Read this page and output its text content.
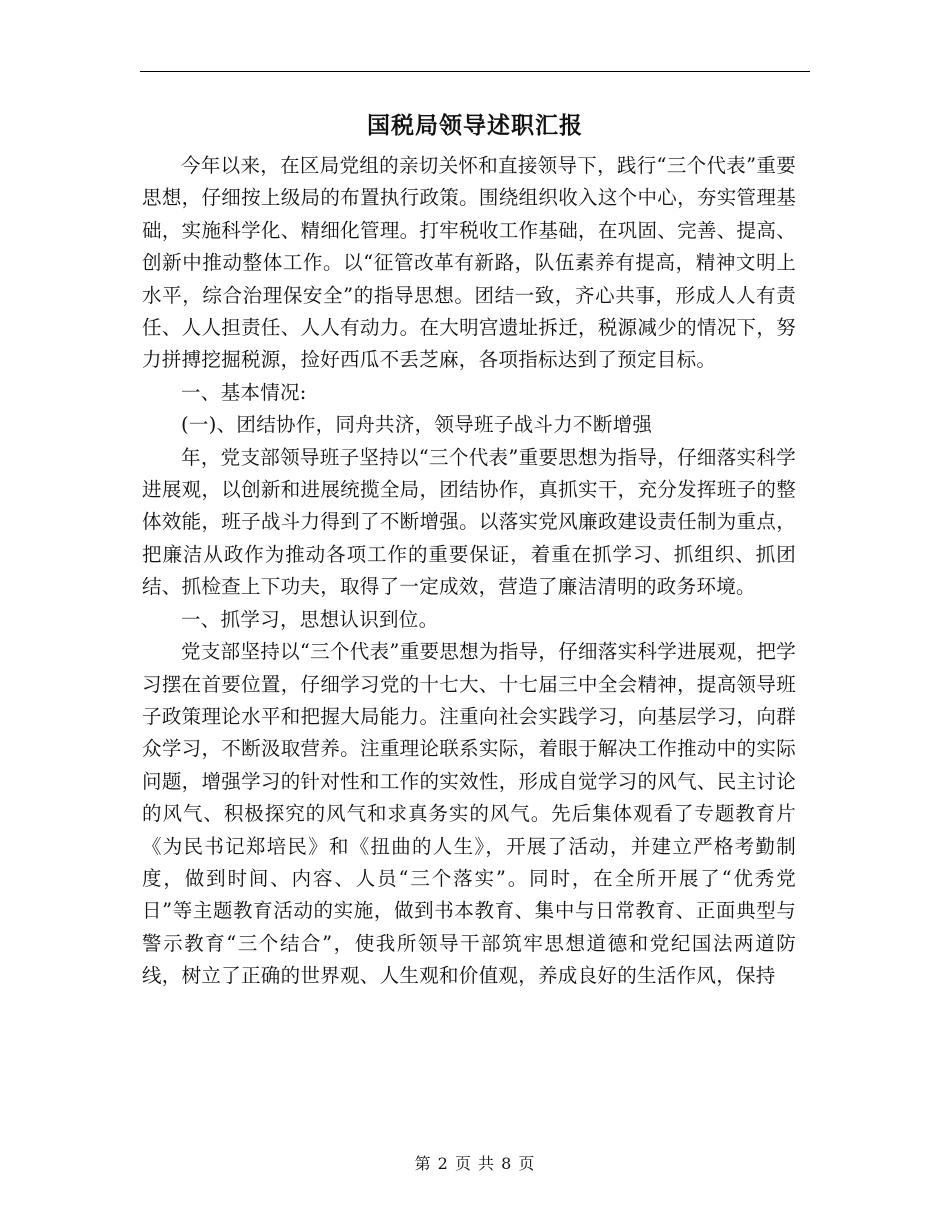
国税局领导述职汇报

今年以来，在区局党组的亲切关怀和直接领导下，践行“三个代表”重要思想，仔细按上级局的布置执行政策。围绕组织收入这个中心，夯实管理基础，实施科学化、精细化管理。打牢税收工作基础，在巩固、完善、提高、创新中推动整体工作。以“征管改革有新路，队伍素养有提高，精神文明上水平，综合治理保安全”的指导思想。团结一致，齐心共事，形成人人有责任、人人担责任、人人有动力。在大明宫遗址拆迁，税源减少的情况下，努力拼搏挖掘税源，捡好西瓜不丢芝麻，各项指标达到了预定目标。

一、基本情况:

(一)、团结协作，同舟共济，领导班子战斗力不断增强

年，党支部领导班子坚持以“三个代表”重要思想为指导，仔细落实科学进展观，以创新和进展统揽全局，团结协作，真抓实干，充分发挥班子的整体效能，班子战斗力得到了不断增强。以落实党风廉政建设责任制为重点，把廉洁从政作为推动各项工作的重要保证，着重在抓学习、抓组织、抓团结、抓检查上下功夫，取得了一定成效，营造了廉洁清明的政务环境。

一、抓学习，思想认识到位。

党支部坚持以“三个代表”重要思想为指导，仔细落实科学进展观，把学习摆在首要位置，仔细学习党的十七大、十七届三中全会精神，提高领导班子政策理论水平和把握大局能力。注重向社会实践学习，向基层学习，向群众学习，不断汲取营养。注重理论联系实际，着眼于解决工作推动中的实际问题，增强学习的针对性和工作的实效性，形成自觉学习的风气、民主讨论的风气、积极探究的风气和求真务实的风气。先后集体观看了专题教育片《为民书记郑培民》和《扭曲的人生》，开展了活动，并建立严格考勤制度，做到时间、内容、人员“三个落实”。同时，在全所开展了“优秀党日”等主题教育活动的实施，做到书本教育、集中与日常教育、正面典型与警示教育“三个结合”，使我所领导干部筑牢思想道德和党纪国法两道防线，树立了正确的世界观、人生观和价值观，养成良好的生活作风，保持

第 2 页 共 8 页
